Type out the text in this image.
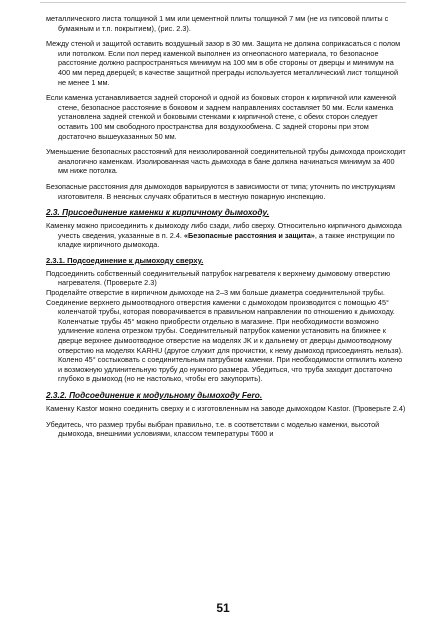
металлического листа толщиной 1 мм или цементной плиты толщиной 7 мм (не из гипсовой плиты с бумажным и т.п. покрытием), (рис. 2.3).

Между стеной и защитой оставить воздушный зазор в 30 мм. Защита не должна соприкасаться с полом или потолком. Если пол перед каменкой выполнен из огнеопасного материала, то безопасное расстояние должно распространяться минимум на 100 мм в обе стороны от дверцы и минимум на 400 мм перед дверцей; в качестве защитной преграды используется металлический лист толщиной не менее 1 мм.

Если каменка устанавливается задней стороной и одной из боковых сторон к кирпичной или каменной стене, безопасное расстояние в боковом и заднем направлениях составляет 50 мм. Если каменка установлена задней стенкой и боковыми стенками к кирпичной стене, с обеих сторон следует оставить 100 мм свободного пространства для воздухообмена. С задней стороны при этом достаточно вышеуказанных 50 мм.

Уменьшение безопасных расстояний для неизолированной соединительной трубы дымохода происходит аналогично каменкам. Изолированная часть дымохода в бане должна начинаться минимум за 400 мм ниже потолка.

Безопасные расстояния для дымоходов варьируются в зависимости от типа; уточнить по инструкциям изготовителя. В неясных случаях обратиться в местную пожарную инспекцию.

2.3. Присоединение каменки к кирпичному дымоходу.

Каменку можно присоединить к дымоходу либо сзади, либо сверху. Относительно кирпичного дымохода учесть сведения, указанные в п. 2.4. «Безопасные расстояния и защита», а также инструкции по кладке кирпичного дымохода.

2.3.1. Подсоединение к дымоходу сверху.

Подсоединить собственный соединительный патрубок нагревателя к верхнему дымовому отверстию нагревателя. (Проверьте 2.3)

Проделайте отверстие в кирпичном дымоходе на 2–3 мм больше диаметра соединительной трубы.

Соединение верхнего дымоотводного отверстия каменки с дымоходом производится с помощью 45° коленчатой трубы, которая поворачивается в правильном направлении по отношению к дымоходу. Коленчатые трубы 45° можно приобрести отдельно в магазине. При необходимости возможно удлинение колена отрезком трубы. Соединительный патрубок каменки установить на ближнее к дверце верхнее дымоотводное отверстие на моделях JK и к дальнему от дверцы дымоотводному отверстию на моделях KARHU (другое служит для прочистки, к нему дымоход присоединять нельзя). Колено 45° состыковать с соединительным патрубком каменки. При необходимости отпилить колено и возможную удлинительную трубу до нужного размера. Убедиться, что труба заходит достаточно глубоко в дымоход (но не настолько, чтобы его закупорить).

2.3.2. Подсоединение к модульному дымоходу Fero.

Каменку Kastor можно соединить сверху и с изготовленным на заводе дымоходом Kastor. (Проверьте 2.4)

Убедитесь, что размер трубы выбран правильно, т.е. в соответствии с моделью каменки, высотой дымохода, внешними условиями, классом температуры T600 и

51
